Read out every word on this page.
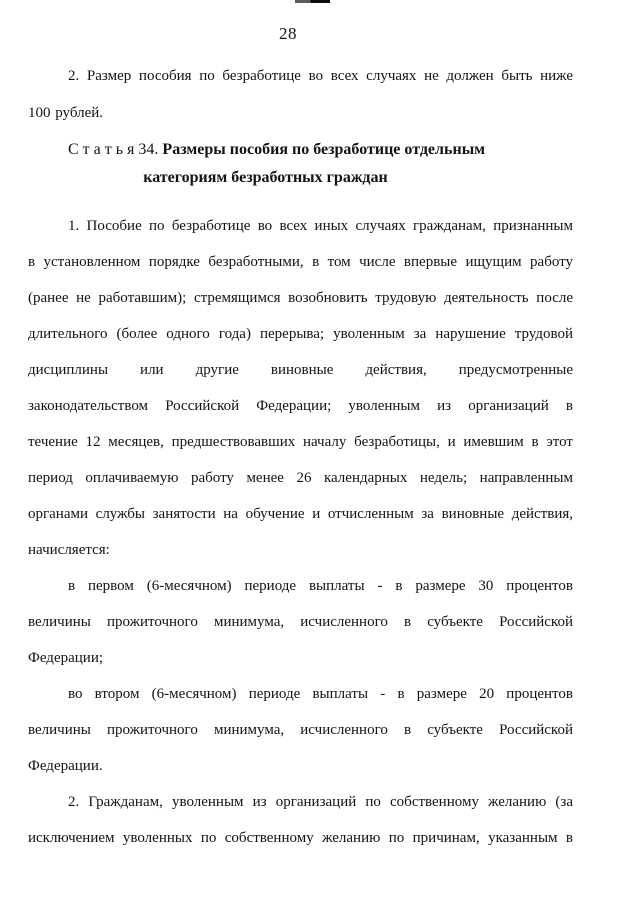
28
2. Размер пособия по безработице во всех случаях не должен быть ниже
100 рублей.
С т а т ь я 34. Размеры пособия по безработице отдельным
категориям безработных граждан
1. Пособие по безработице во всех иных случаях гражданам, признанным
в установленном порядке безработными, в том числе впервые ищущим работу
(ранее не работавшим); стремящимся возобновить трудовую деятельность после
длительного (более одного года) перерыва; уволенным за нарушение трудовой
дисциплины или другие виновные действия, предусмотренные
законодательством Российской Федерации; уволенным из организаций в
течение 12 месяцев, предшествовавших началу безработицы, и имевшим в этот
период оплачиваемую работу менее 26 календарных недель; направленным
органами службы занятости на обучение и отчисленным за виновные действия,
начисляется:
в первом (6-месячном) периоде выплаты - в размере 30 процентов
величины прожиточного минимума, исчисленного в субъекте Российской
Федерации;
во втором (6-месячном) периоде выплаты - в размере 20 процентов
величины прожиточного минимума, исчисленного в субъекте Российской
Федерации.
2. Гражданам, уволенным из организаций по собственному желанию (за
исключением уволенных по собственному желанию по причинам, указанным в
